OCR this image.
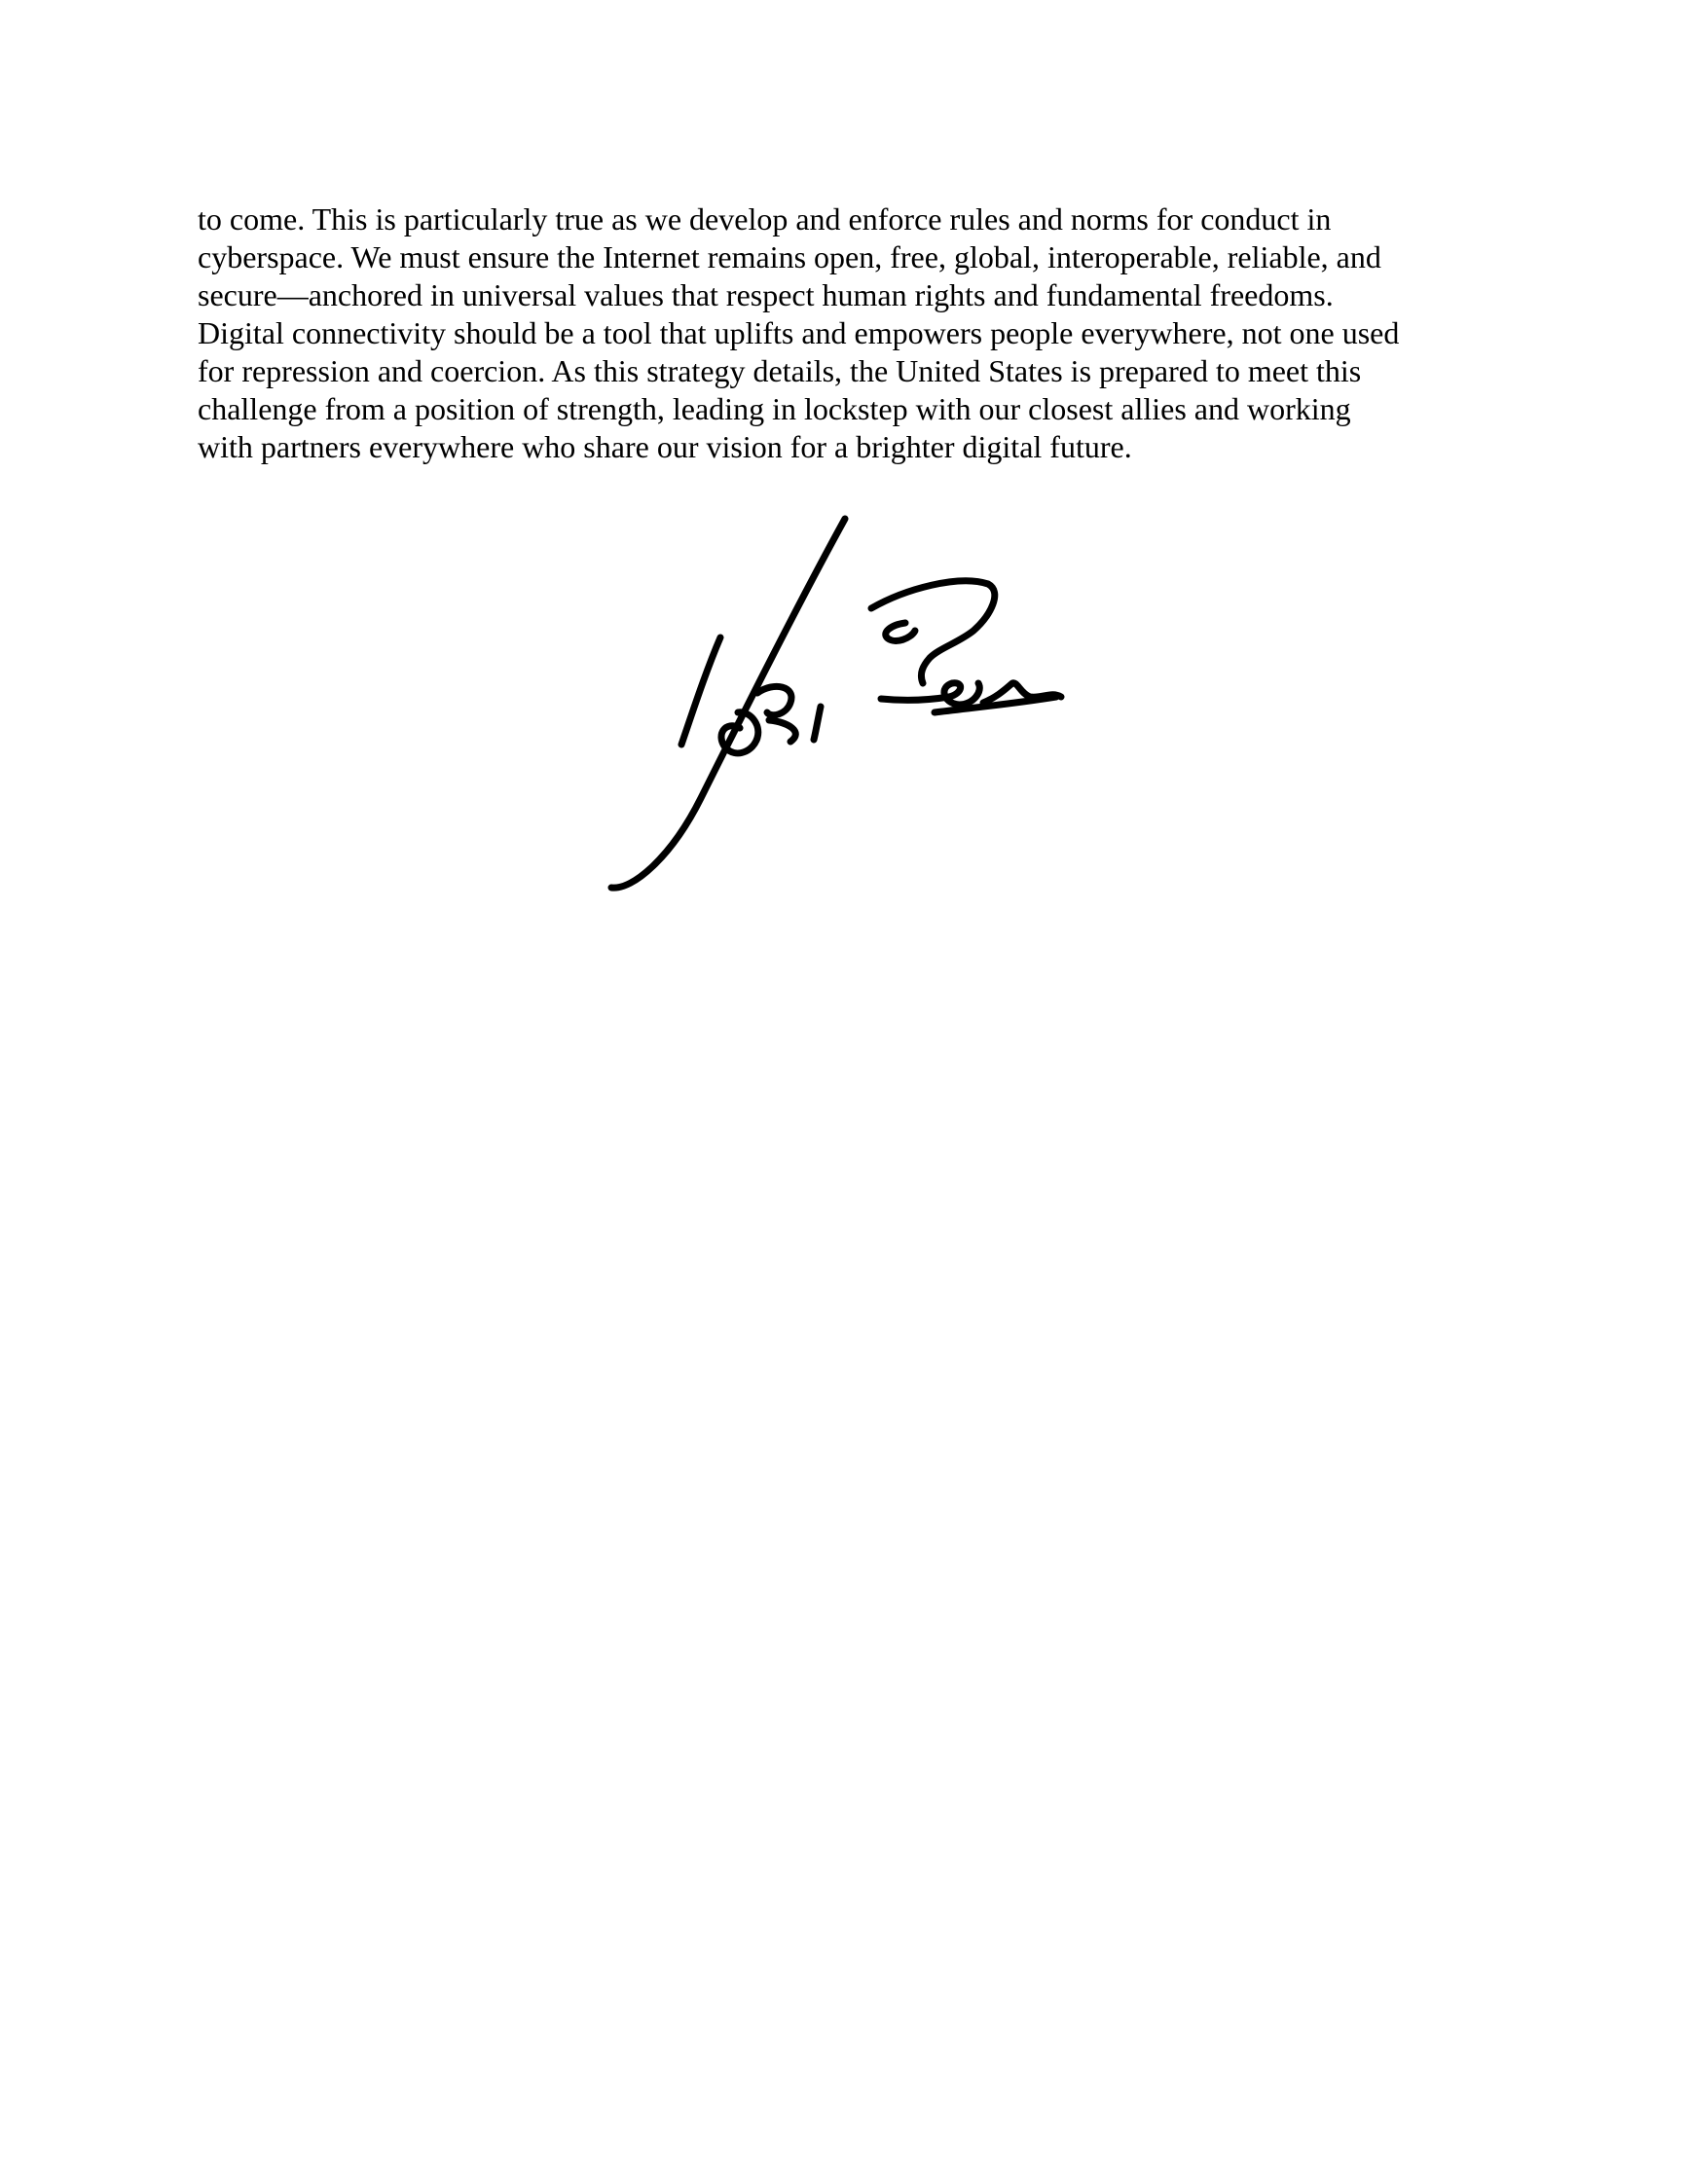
to come. This is particularly true as we develop and enforce rules and norms for conduct in
cyberspace. We must ensure the Internet remains open, free, global, interoperable, reliable, and
secure—anchored in universal values that respect human rights and fundamental freedoms.
Digital connectivity should be a tool that uplifts and empowers people everywhere, not one used
for repression and coercion. As this strategy details, the United States is prepared to meet this
challenge from a position of strength, leading in lockstep with our closest allies and working
with partners everywhere who share our vision for a brighter digital future.
